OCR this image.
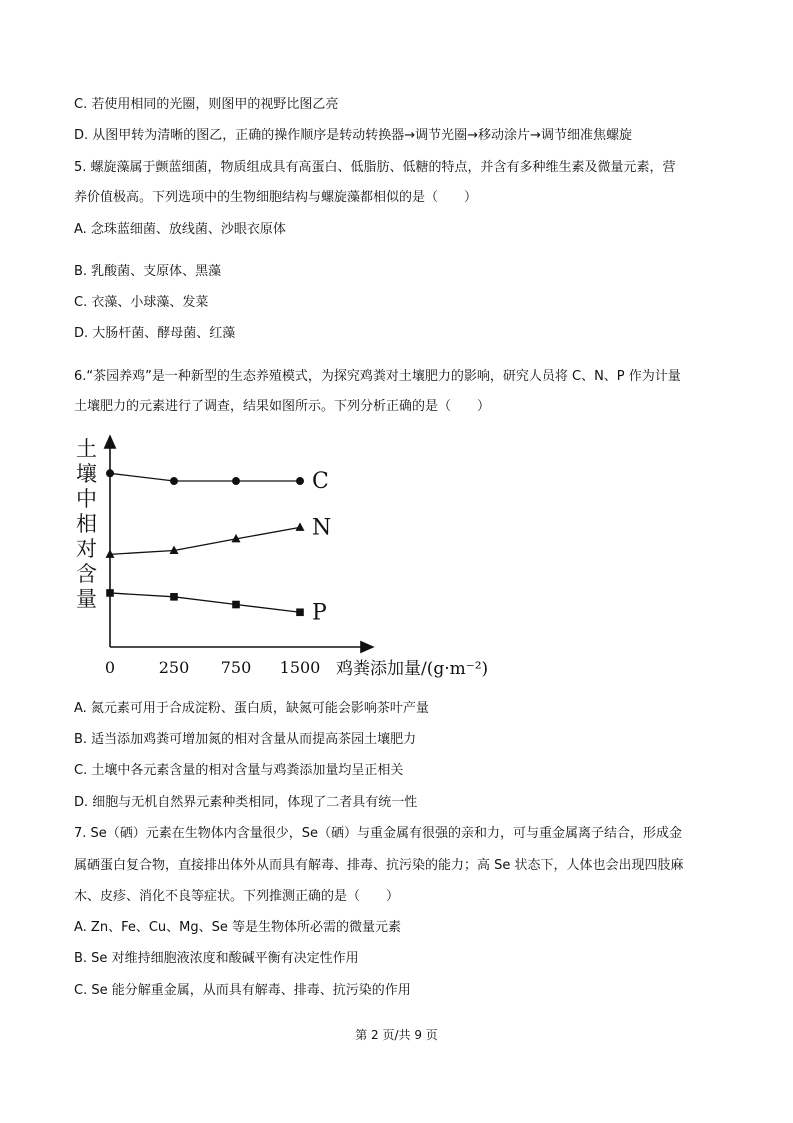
C. 若使用相同的光圈，则图甲的视野比图乙亮
D. 从图甲转为清晰的图乙，正确的操作顺序是转动转换器→调节光圈→移动涂片→调节细准焦螺旋
5. 螺旋藻属于颤蓝细菌，物质组成具有高蛋白、低脂肪、低糖的特点，并含有多种维生素及微量元素，营
养价值极高。下列选项中的生物细胞结构与螺旋藻都相似的是（　　）
A. 念珠蓝细菌、放线菌、沙眼衣原体
B. 乳酸菌、支原体、黑藻
C. 衣藻、小球藻、发菜
D. 大肠杆菌、酵母菌、红藻
6.“茶园养鸡”是一种新型的生态养殖模式，为探究鸡粪对土壤肥力的影响，研究人员将 C、N、P 作为计量
土壤肥力的元素进行了调查，结果如图所示。下列分析正确的是（　　）
A. 氮元素可用于合成淀粉、蛋白质，缺氮可能会影响茶叶产量
B. 适当添加鸡粪可增加氮的相对含量从而提高茶园土壤肥力
C. 土壤中各元素含量的相对含量与鸡粪添加量均呈正相关
D. 细胞与无机自然界元素种类相同，体现了二者具有统一性
7. Se（硒）元素在生物体内含量很少，Se（硒）与重金属有很强的亲和力，可与重金属离子结合，形成金
属硒蛋白复合物，直接排出体外从而具有解毒、排毒、抗污染的能力；高 Se 状态下，人体也会出现四肢麻
木、皮疹、消化不良等症状。下列推测正确的是（　　）
A. Zn、Fe、Cu、Mg、Se 等是生物体所必需的微量元素
B. Se 对维持细胞液浓度和酸碱平衡有决定性作用
C. Se 能分解重金属，从而具有解毒、排毒、抗污染的作用
土
壤
中
相
对
含
量
C
N
P
0	250 750 1500 鸡粪添加量/(g·m⁻²)
第 2 页/共 9 页
